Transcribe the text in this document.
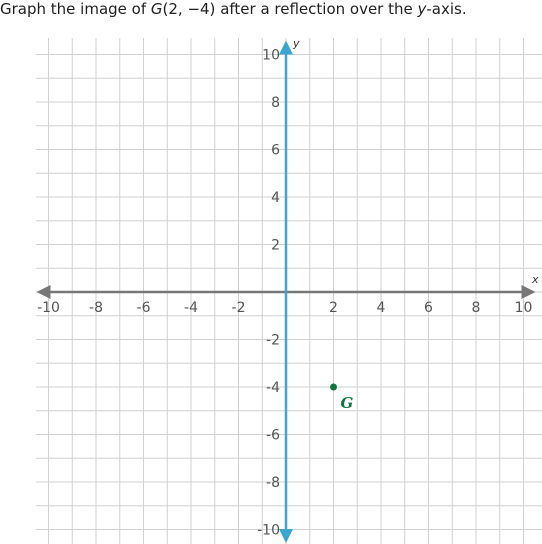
Graph the image of G(2, −4) after a reflection over the y-axis.
x
y
-10 -8 -6 -4 -2	2	4	6	8 10
-10
-8
-6
-4
-2
2
4
6
8
10
G
